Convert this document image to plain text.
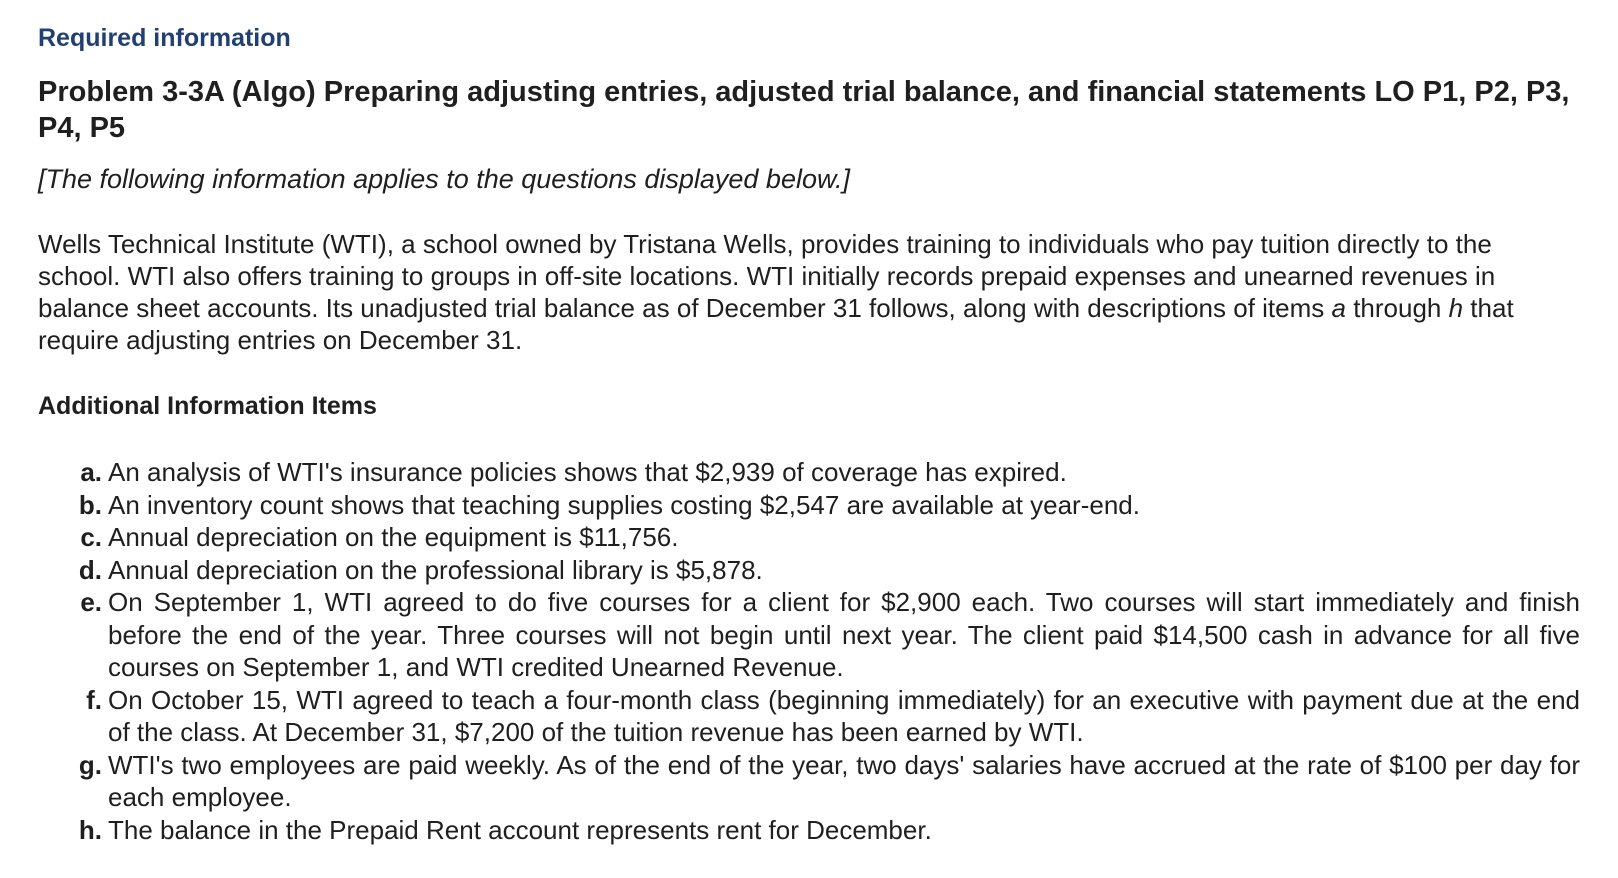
Required information
Problem 3-3A (Algo) Preparing adjusting entries, adjusted trial balance, and financial statements LO P1, P2, P3, P4, P5
[The following information applies to the questions displayed below.]
Wells Technical Institute (WTI), a school owned by Tristana Wells, provides training to individuals who pay tuition directly to the school. WTI also offers training to groups in off-site locations. WTI initially records prepaid expenses and unearned revenues in balance sheet accounts. Its unadjusted trial balance as of December 31 follows, along with descriptions of items a through h that require adjusting entries on December 31.
Additional Information Items
a. An analysis of WTI's insurance policies shows that $2,939 of coverage has expired.
b. An inventory count shows that teaching supplies costing $2,547 are available at year-end.
c. Annual depreciation on the equipment is $11,756.
d. Annual depreciation on the professional library is $5,878.
e. On September 1, WTI agreed to do five courses for a client for $2,900 each. Two courses will start immediately and finish before the end of the year. Three courses will not begin until next year. The client paid $14,500 cash in advance for all five courses on September 1, and WTI credited Unearned Revenue.
f. On October 15, WTI agreed to teach a four-month class (beginning immediately) for an executive with payment due at the end of the class. At December 31, $7,200 of the tuition revenue has been earned by WTI.
g. WTI's two employees are paid weekly. As of the end of the year, two days' salaries have accrued at the rate of $100 per day for each employee.
h. The balance in the Prepaid Rent account represents rent for December.
